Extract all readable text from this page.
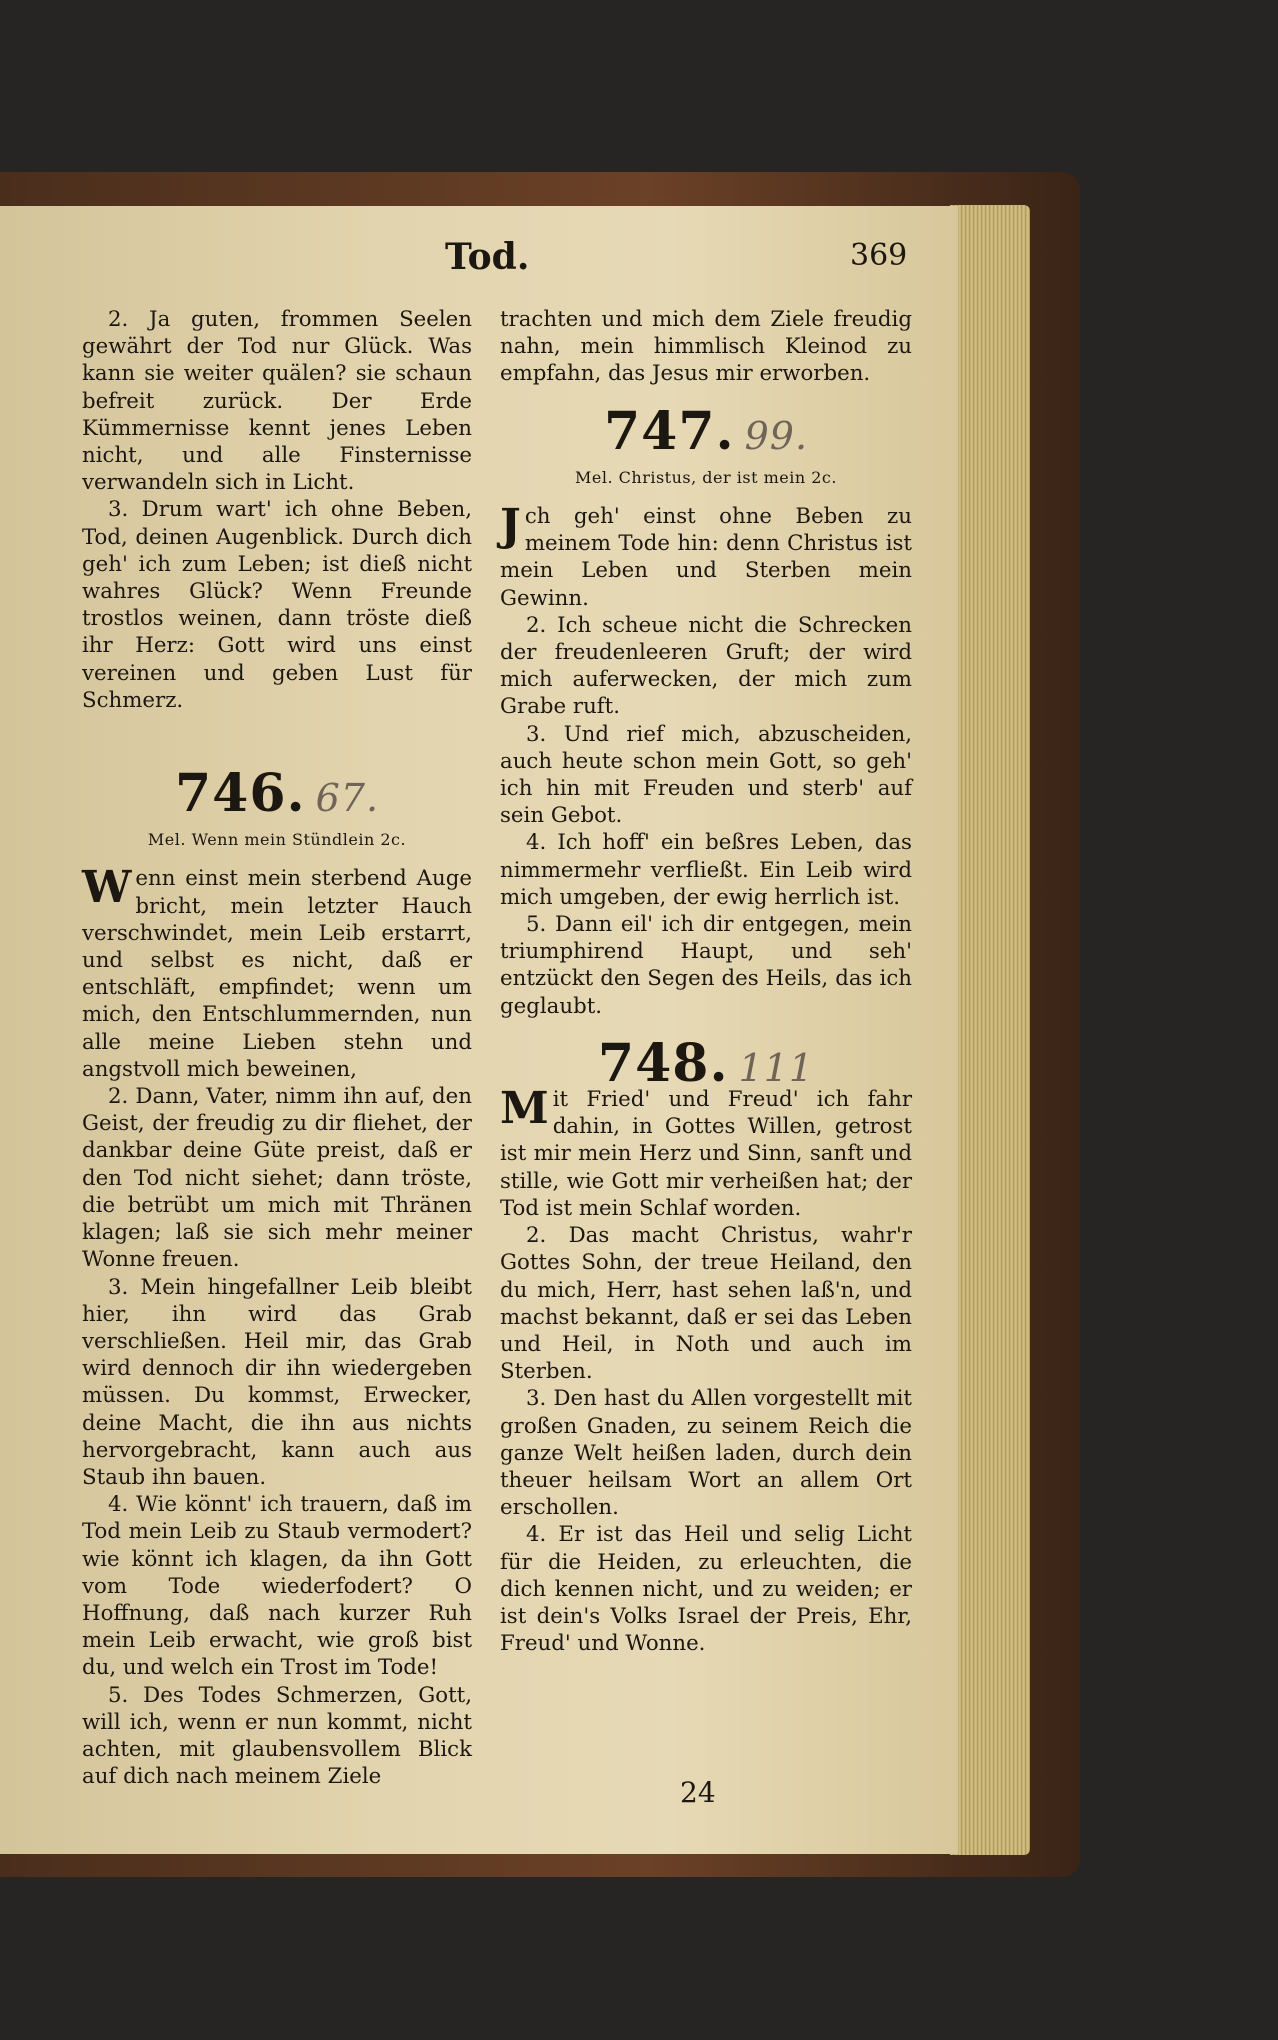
Tod.	369

2. Ja guten, frommen Seelen gewährt der Tod nur Glück. Was kann sie weiter quälen? sie schaun befreit zurück. Der Erde Kümmernisse kennt jenes Leben nicht, und alle Finsternisse verwandeln sich in Licht.

3. Drum wart' ich ohne Beben, Tod, deinen Augenblick. Durch dich geh' ich zum Leben; ist dieß nicht wahres Glück? Wenn Freunde trostlos weinen, dann tröste dieß ihr Herz: Gott wird uns einst vereinen und geben Lust für Schmerz.

746. 67.
Mel. Wenn mein Stündlein 2c.

Wenn einst mein sterbend Auge bricht, mein letzter Hauch verschwindet, mein Leib erstarrt, und selbst es nicht, daß er entschläft, empfindet; wenn um mich, den Entschlummernden, nun alle meine Lieben stehn und angstvoll mich beweinen,

2. Dann, Vater, nimm ihn auf, den Geist, der freudig zu dir fliehet, der dankbar deine Güte preist, daß er den Tod nicht siehet; dann tröste, die betrübt um mich mit Thränen klagen; laß sie sich mehr meiner Wonne freuen.

3. Mein hingefallner Leib bleibt hier, ihn wird das Grab verschließen. Heil mir, das Grab wird dennoch dir ihn wiedergeben müssen. Du kommst, Erwecker, deine Macht, die ihn aus nichts hervorgebracht, kann auch aus Staub ihn bauen.

4. Wie könnt' ich trauern, daß im Tod mein Leib zu Staub vermodert? wie könnt ich klagen, da ihn Gott vom Tode wiederfodert? O Hoffnung, daß nach kurzer Ruh mein Leib erwacht, wie groß bist du, und welch ein Trost im Tode!

5. Des Todes Schmerzen, Gott, will ich, wenn er nun kommt, nicht achten, mit glaubensvollem Blick auf dich nach meinem Ziele

trachten und mich dem Ziele freudig nahn, mein himmlisch Kleinod zu empfahn, das Jesus mir erworben.

747. 99.
Mel. Christus, der ist mein 2c.

Jch geh' einst ohne Beben zu meinem Tode hin: denn Christus ist mein Leben und Sterben mein Gewinn.

2. Ich scheue nicht die Schrecken der freudenleeren Gruft; der wird mich auferwecken, der mich zum Grabe ruft.

3. Und rief mich, abzuscheiden, auch heute schon mein Gott, so geh' ich hin mit Freuden und sterb' auf sein Gebot.

4. Ich hoff' ein beßres Leben, das nimmermehr verfließt. Ein Leib wird mich umgeben, der ewig herrlich ist.

5. Dann eil' ich dir entgegen, mein triumphirend Haupt, und seh' entzückt den Segen des Heils, das ich geglaubt.

748. 111

Mit Fried' und Freud' ich fahr dahin, in Gottes Willen, getrost ist mir mein Herz und Sinn, sanft und stille, wie Gott mir verheißen hat; der Tod ist mein Schlaf worden.

2. Das macht Christus, wahr'r Gottes Sohn, der treue Heiland, den du mich, Herr, hast sehen laß'n, und machst bekannt, daß er sei das Leben und Heil, in Noth und auch im Sterben.

3. Den hast du Allen vorgestellt mit großen Gnaden, zu seinem Reich die ganze Welt heißen laden, durch dein theuer heilsam Wort an allem Ort erschollen.

4. Er ist das Heil und selig Licht für die Heiden, zu erleuchten, die dich kennen nicht, und zu weiden; er ist dein's Volks Israel der Preis, Ehr, Freud' und Wonne.

24
